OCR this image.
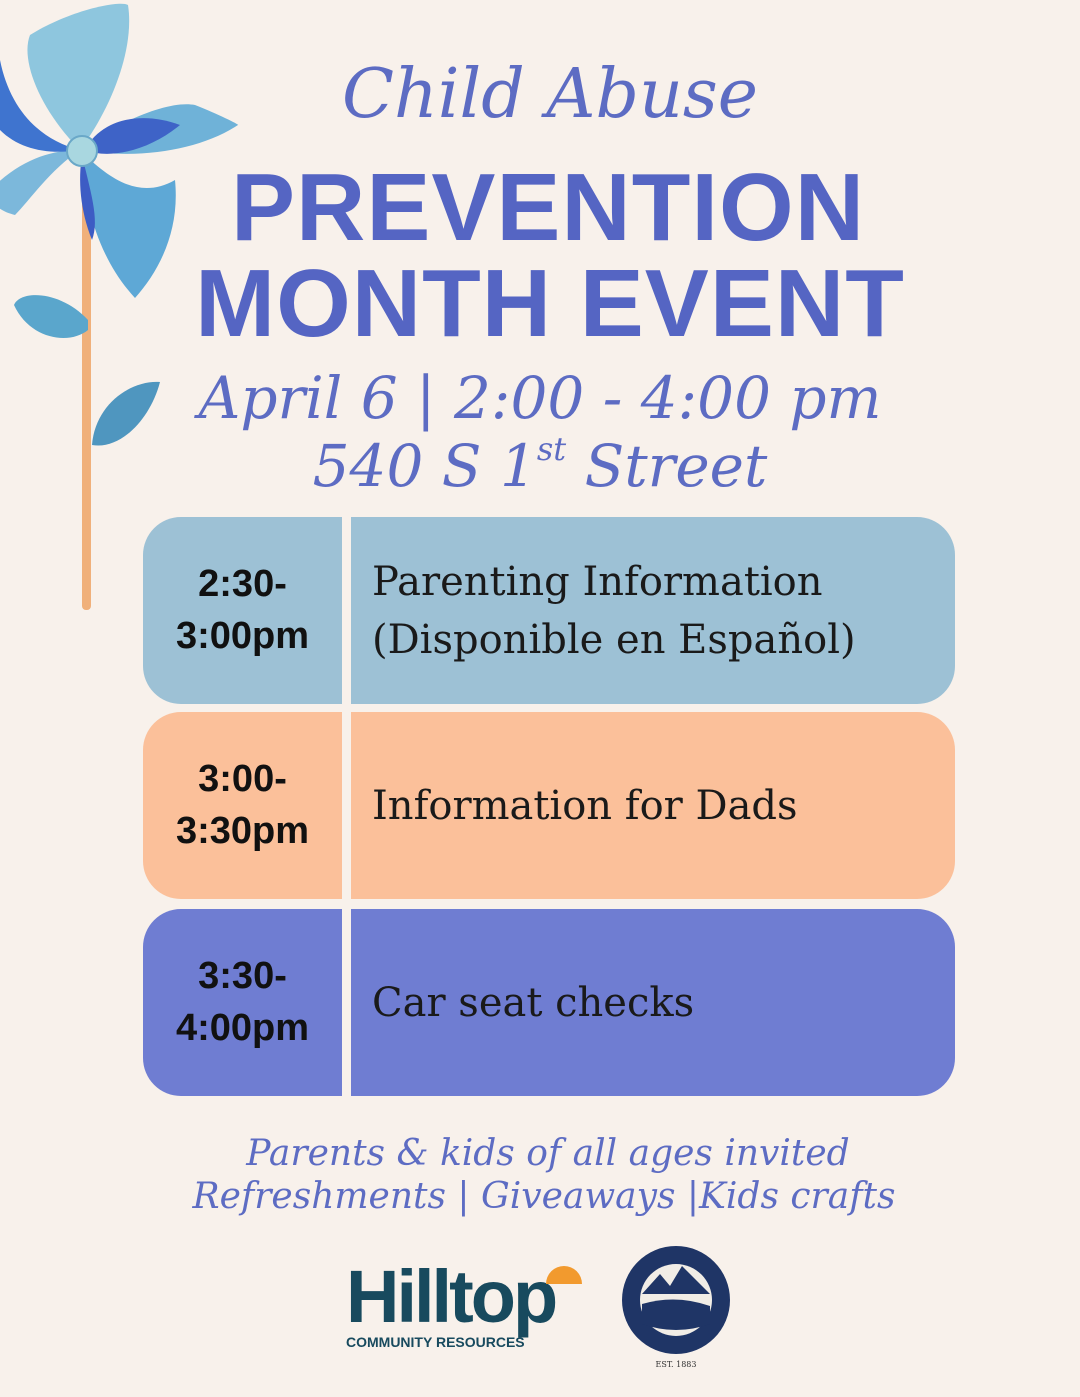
Child Abuse
PREVENTION
MONTH EVENT
April 6 | 2:00 - 4:00 pm
540 S 1st Street
2:30-
3:00pm
Parenting Information
(Disponible en Español)
3:00-
3:30pm
Information for Dads
3:30-
4:00pm
Car seat checks
Parents & kids of all ages invited
Refreshments | Giveaways |Kids crafts
Hilltop
COMMUNITY RESOURCES
EST. 1883
